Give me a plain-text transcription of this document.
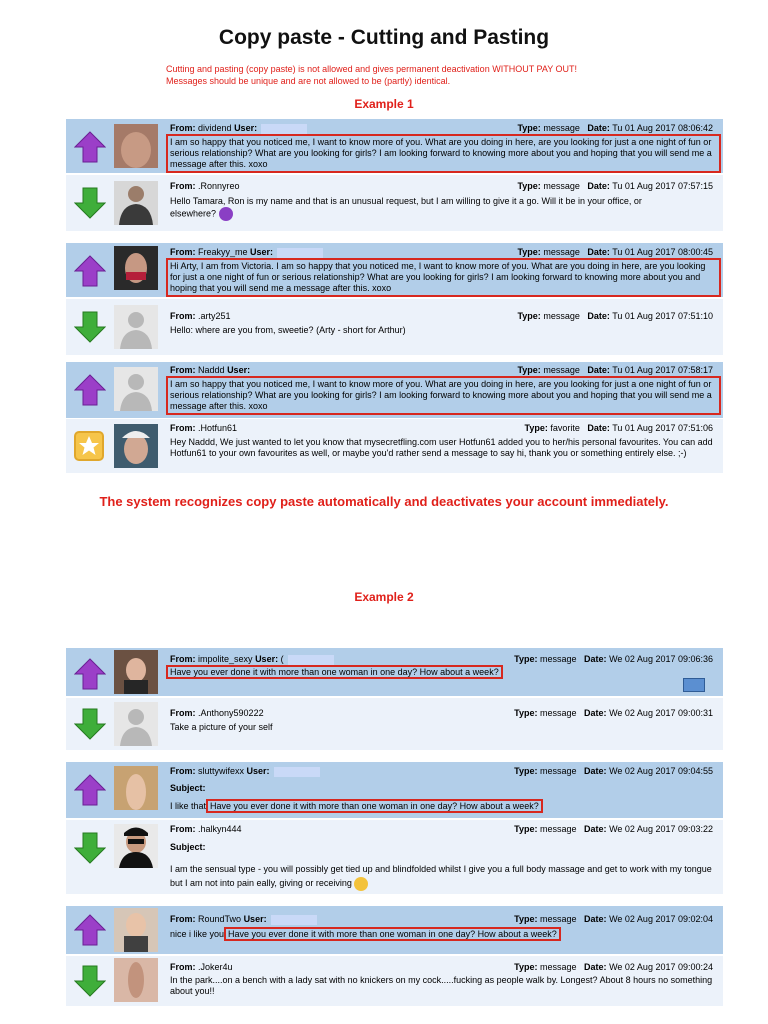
Copy paste - Cutting and Pasting
Cutting and pasting (copy paste) is not allowed and gives permanent deactivation WITHOUT PAY OUT!
Messages should be unique and are not allowed to be (partly) identical.
Example 1
From: dividend User:	Type: message Date: Tu 01 Aug 2017 08:06:42
I am so happy that you noticed me, I want to know more of you. What are you doing in here, are you looking for just a one night of fun or serious relationship? What are you looking for girls? I am looking forward to knowing more about you and hoping that you will send me a message after this. xoxo
From: .Ronnyreo	Type: message Date: Tu 01 Aug 2017 07:57:15
Hello Tamara, Ron is my name and that is an unusual request, but I am willing to give it a go. Will it be in your office, or elsewhere?
From: Freakyy_me User:	Type: message Date: Tu 01 Aug 2017 08:00:45
Hi Arty, I am from Victoria. I am so happy that you noticed me, I want to know more of you. What are you doing in here, are you looking for just a one night of fun or serious relationship? What are you looking for girls? I am looking forward to knowing more about you and hoping that you will send me a message after this. xoxo
From: .arty251	Type: message Date: Tu 01 Aug 2017 07:51:10
Hello: where are you from, sweetie? (Arty - short for Arthur)
From: Naddd User:	Type: message Date: Tu 01 Aug 2017 07:58:17
I am so happy that you noticed me, I want to know more of you. What are you doing in here, are you looking for just a one night of fun or serious relationship? What are you looking for girls? I am looking forward to knowing more about you and hoping that you will send me a message after this. xoxo
From: .Hotfun61	Type: favorite Date: Tu 01 Aug 2017 07:51:06
Hey Naddd, We just wanted to let you know that mysecretfling.com user Hotfun61 added you to her/his personal favourites. You can add Hotfun61 to your own favourites as well, or maybe you'd rather send a message to say hi, thank you or something entirely else. ;-)
The system recognizes copy paste automatically and deactivates your account immediately.
Example 2
From: impolite_sexy User: (	Type: message Date: We 02 Aug 2017 09:06:36
Have you ever done it with more than one woman in one day? How about a week?
From: .Anthony590222	Type: message Date: We 02 Aug 2017 09:00:31
Take a picture of your self
From: sluttywifexx User:	Type: message Date: We 02 Aug 2017 09:04:55
Subject:
I like that Have you ever done it with more than one woman in one day? How about a week?
From: .halkyn444	Type: message Date: We 02 Aug 2017 09:03:22
Subject:
I am the sensual type - you will possibly get tied up and blindfolded whilst I give you a full body massage and get to work with my tongue but I am not into pain eally, giving or receiving
From: RoundTwo User:	Type: message Date: We 02 Aug 2017 09:02:04
nice i like you Have you ever done it with more than one woman in one day? How about a week?
From: .Joker4u	Type: message Date: We 02 Aug 2017 09:00:24
In the park....on a bench with a lady sat with no knickers on my cock.....fucking as people walk by. Longest? About 8 hours no something about you!!
